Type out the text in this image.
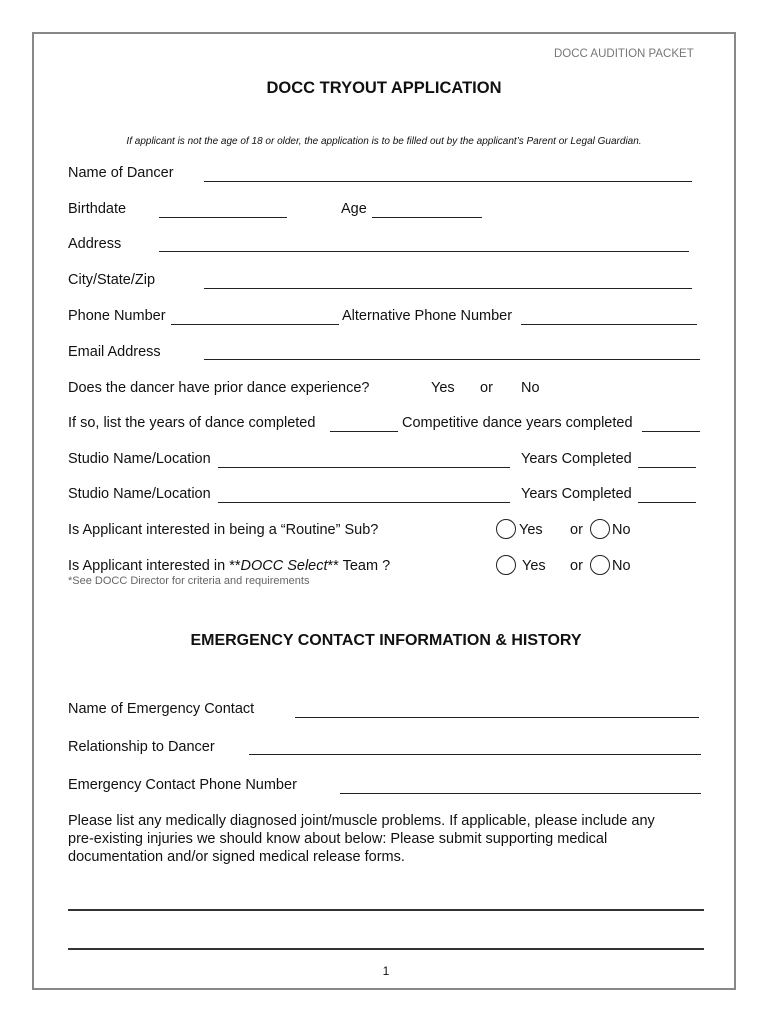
DOCC AUDITION PACKET
DOCC TRYOUT APPLICATION
If applicant is not the age of 18 or older, the application is to be filled out by the applicant’s Parent or Legal Guardian.
Name of Dancer
Birthdate	Age
Address
City/State/Zip
Phone Number	Alternative Phone Number
Email Address
Does the dancer have prior dance experience?	Yes or No
If so, list the years of dance completed	Competitive dance years completed
Studio Name/Location	Years Completed
Studio Name/Location	Years Completed
Is Applicant interested in being a “Routine” Sub?	Yes or No
Is Applicant interested in **DOCC Select** Team ?	Yes or No
*See DOCC Director for criteria and requirements
EMERGENCY CONTACT INFORMATION & HISTORY
Name of Emergency Contact
Relationship to Dancer
Emergency Contact Phone Number
Please list any medically diagnosed joint/muscle problems. If applicable, please include any
pre-existing injuries we should know about below: Please submit supporting medical
documentation and/or signed medical release forms.
1
